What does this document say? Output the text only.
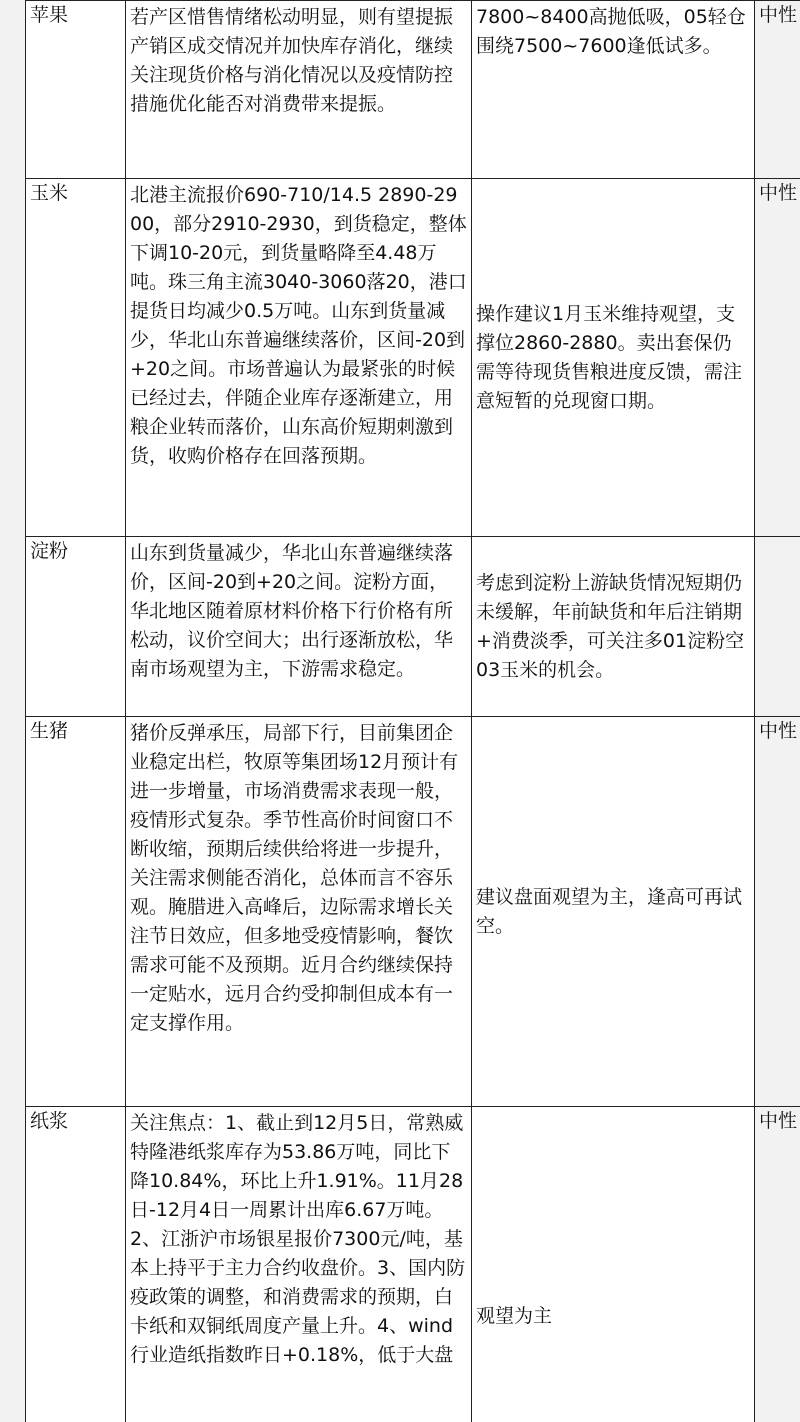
苹果	若产区惜售情绪松动明显，则有望提振产销区成交情况并加快库存消化，继续关注现货价格与消化情况以及疫情防控措施优化能否对消费带来提振。	7800~8400高抛低吸，05轻仓围绕7500~7600逢低试多。	中性
玉米	北港主流报价690-710/14.5 2890-2900，部分2910-2930，到货稳定，整体下调10-20元，到货量略降至4.48万吨。珠三角主流3040-3060落20，港口提货日均减少0.5万吨。山东到货量减少，华北山东普遍继续落价，区间-20到+20之间。市场普遍认为最紧张的时候已经过去，伴随企业库存逐渐建立，用粮企业转而落价，山东高价短期刺激到货，收购价格存在回落预期。	操作建议1月玉米维持观望，支撑位2860-2880。卖出套保仍需等待现货售粮进度反馈，需注意短暂的兑现窗口期。	中性
淀粉	山东到货量减少，华北山东普遍继续落价，区间-20到+20之间。淀粉方面，华北地区随着原材料价格下行价格有所松动，议价空间大；出行逐渐放松，华南市场观望为主，下游需求稳定。	考虑到淀粉上游缺货情况短期仍未缓解，年前缺货和年后注销期+消费淡季，可关注多01淀粉空03玉米的机会。	

生猪	猪价反弹承压，局部下行，目前集团企业稳定出栏，牧原等集团场12月预计有进一步增量，市场消费需求表现一般，疫情形式复杂。季节性高价时间窗口不断收缩，预期后续供给将进一步提升，关注需求侧能否消化，总体而言不容乐观。腌腊进入高峰后，边际需求增长关注节日效应，但多地受疫情影响，餐饮需求可能不及预期。近月合约继续保持一定贴水，远月合约受抑制但成本有一定支撑作用。	建议盘面观望为主，逢高可再试空。	中性
纸浆	关注焦点：1、截止到12月5日，常熟威特隆港纸浆库存为53.86万吨，同比下降10.84%，环比上升1.91%。11月28日-12月4日一周累计出库6.67万吨。2、江浙沪市场银星报价7300元/吨，基本上持平于主力合约收盘价。3、国内防疫政策的调整，和消费需求的预期，白卡纸和双铜纸周度产量上升。4、wind行业造纸指数昨日+0.18%，低于大盘	观望为主	中性
